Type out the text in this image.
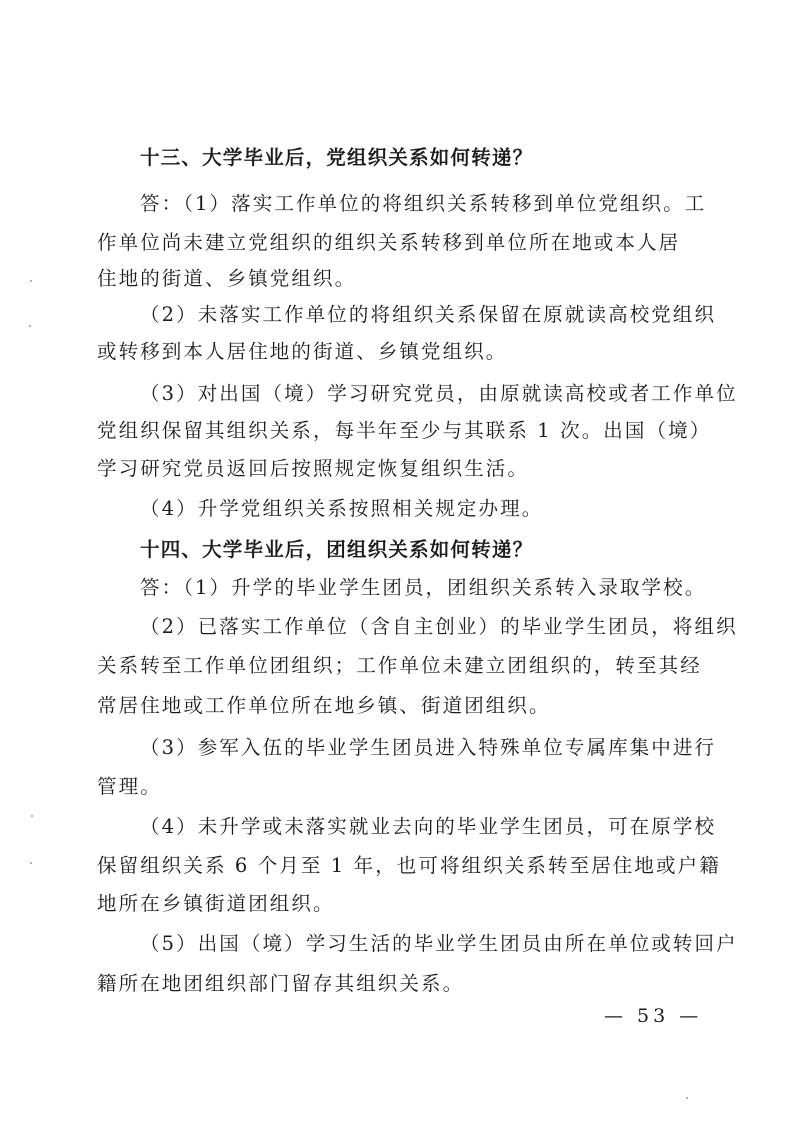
十三、大学毕业后，党组织关系如何转递？
答：（1）落实工作单位的将组织关系转移到单位党组织。工
作单位尚未建立党组织的组织关系转移到单位所在地或本人居
住地的街道、乡镇党组织。
（2）未落实工作单位的将组织关系保留在原就读高校党组织
或转移到本人居住地的街道、乡镇党组织。
（3）对出国（境）学习研究党员，由原就读高校或者工作单位
党组织保留其组织关系，每半年至少与其联系 1 次。出国（境）
学习研究党员返回后按照规定恢复组织生活。
（4）升学党组织关系按照相关规定办理。
十四、大学毕业后，团组织关系如何转递？
答：（1）升学的毕业学生团员，团组织关系转入录取学校。
（2）已落实工作单位（含自主创业）的毕业学生团员，将组织
关系转至工作单位团组织；工作单位未建立团组织的，转至其经
常居住地或工作单位所在地乡镇、街道团组织。
（3）参军入伍的毕业学生团员进入特殊单位专属库集中进行
管理。
（4）未升学或未落实就业去向的毕业学生团员，可在原学校
保留组织关系 6 个月至 1 年，也可将组织关系转至居住地或户籍
地所在乡镇街道团组织。
（5）出国（境）学习生活的毕业学生团员由所在单位或转回户
籍所在地团组织部门留存其组织关系。
— 53 —
